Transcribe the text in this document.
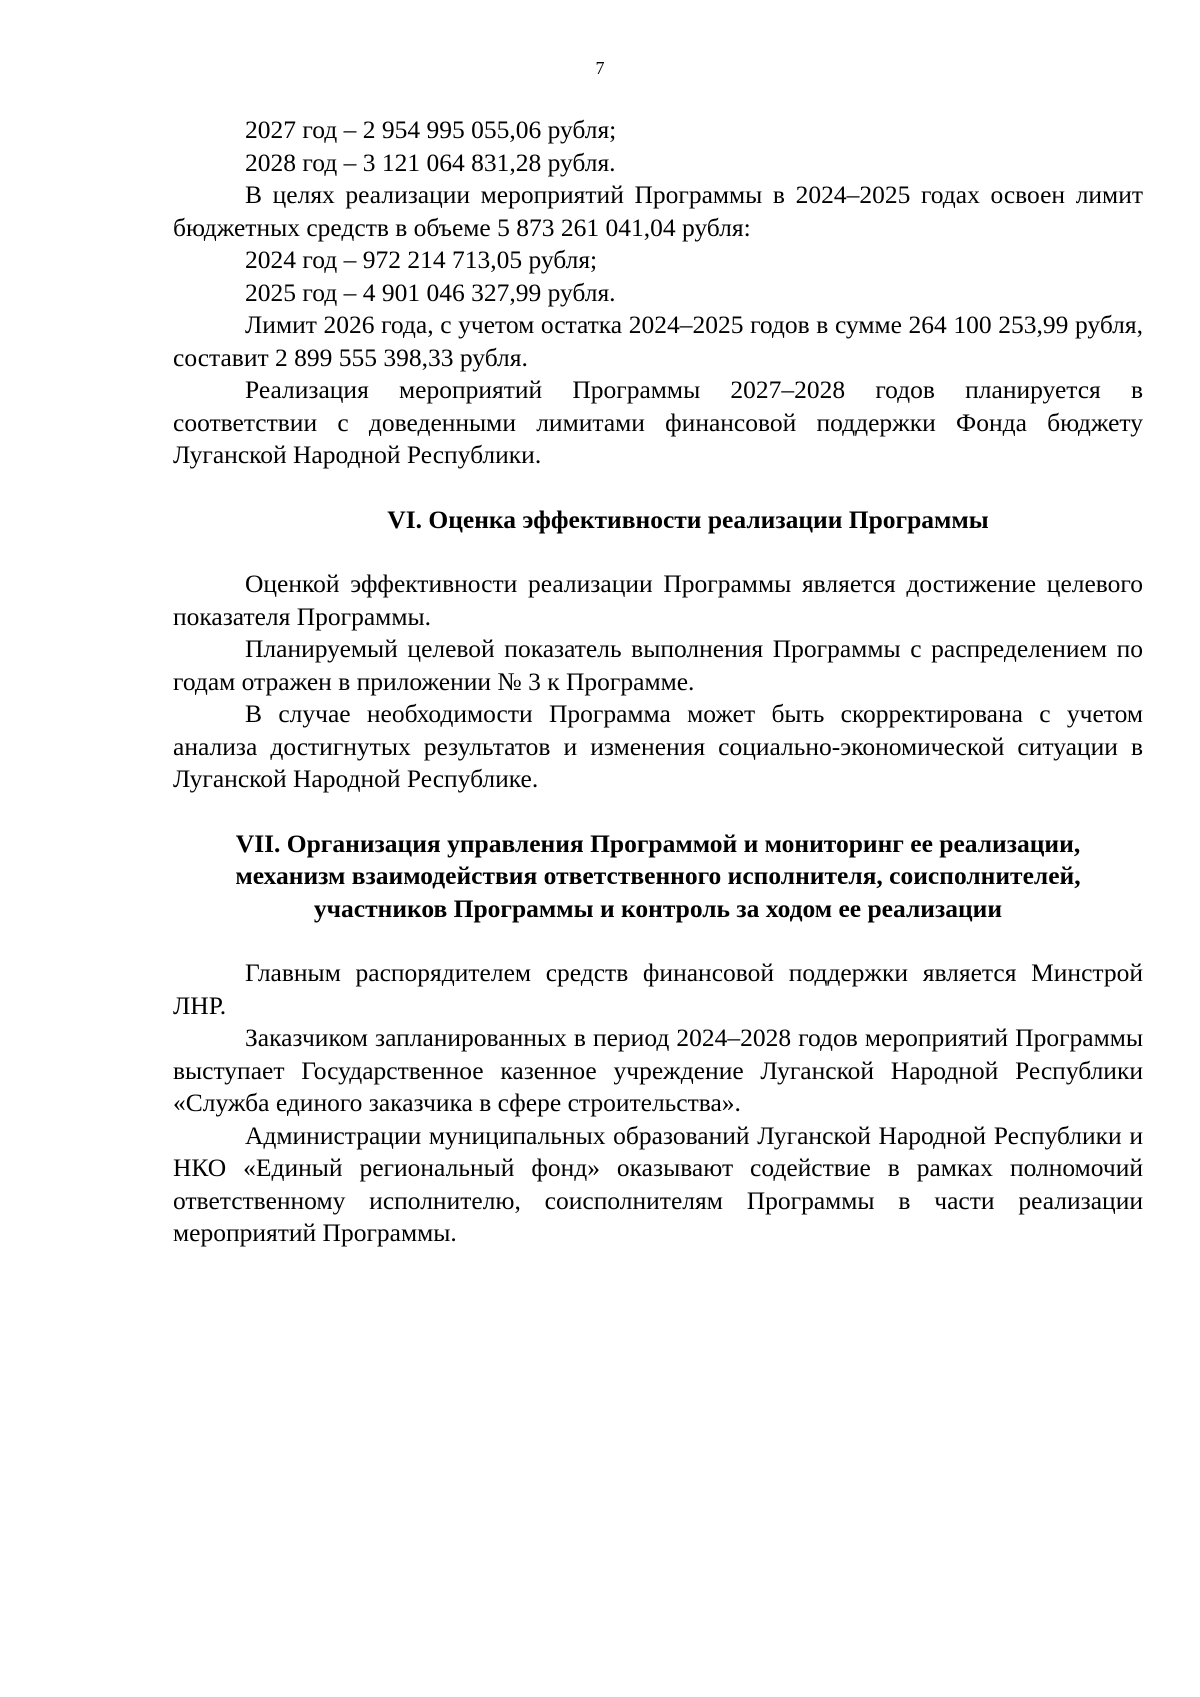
7

2027 год – 2 954 995 055,06 рубля;

2028 год – 3 121 064 831,28 рубля.

В целях реализации мероприятий Программы в 2024–2025 годах освоен лимит бюджетных средств в объеме 5 873 261 041,04 рубля:

2024 год – 972 214 713,05 рубля;

2025 год – 4 901 046 327,99 рубля.

Лимит 2026 года, с учетом остатка 2024–2025 годов в сумме 264 100 253,99 рубля, составит 2 899 555 398,33 рубля.

Реализация мероприятий Программы 2027–2028 годов планируется в соответствии с доведенными лимитами финансовой поддержки Фонда бюджету Луганской Народной Республики.

VI. Оценка эффективности реализации Программы

Оценкой эффективности реализации Программы является достижение целевого показателя Программы.

Планируемый целевой показатель выполнения Программы с распределением по годам отражен в приложении № 3 к Программе.

В случае необходимости Программа может быть скорректирована с учетом анализа достигнутых результатов и изменения социально-экономической ситуации в Луганской Народной Республике.

VII. Организация управления Программой и мониторинг ее реализации,
механизм взаимодействия ответственного исполнителя, соисполнителей,
участников Программы и контроль за ходом ее реализации

Главным распорядителем средств финансовой поддержки является Минстрой ЛНР.

Заказчиком запланированных в период 2024–2028 годов мероприятий Программы выступает Государственное казенное учреждение Луганской Народной Республики «Служба единого заказчика в сфере строительства».

Администрации муниципальных образований Луганской Народной Республики и НКО «Единый региональный фонд» оказывают содействие в рамках полномочий ответственному исполнителю, соисполнителям Программы в части реализации мероприятий Программы.
